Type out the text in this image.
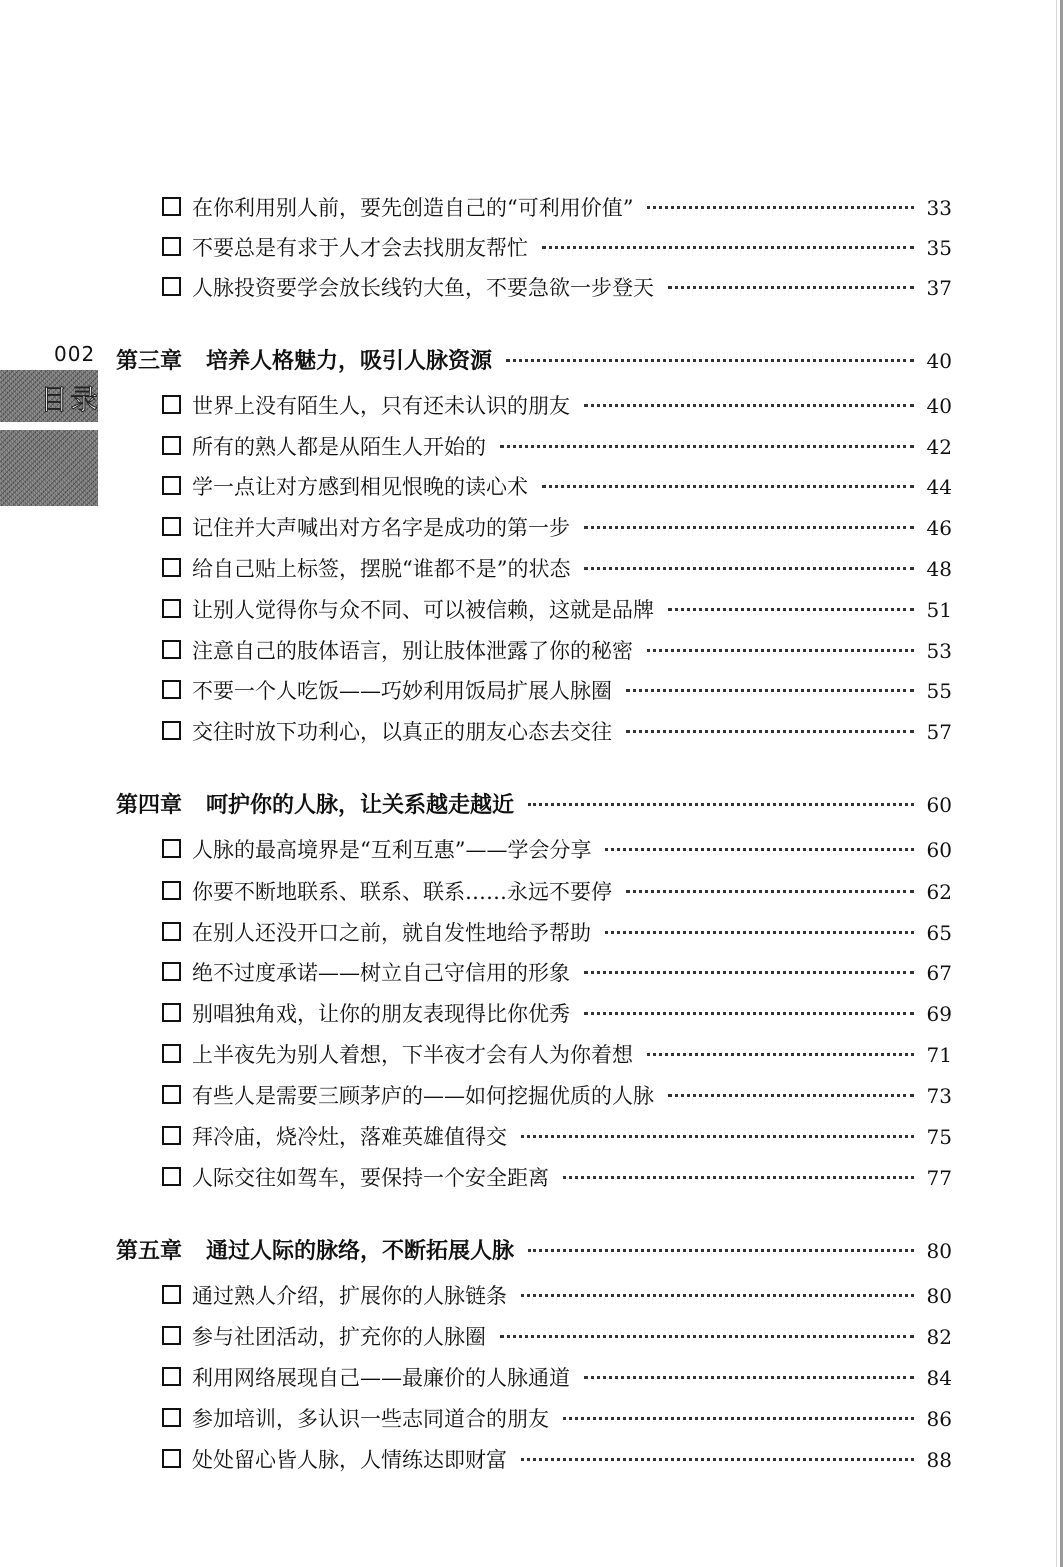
002
目录
在你利用别人前，要先创造自己的“可利用价值”	33
不要总是有求于人才会去找朋友帮忙	35
人脉投资要学会放长线钓大鱼，不要急欲一步登天	37
第三章 培养人格魅力，吸引人脉资源	40
世界上没有陌生人，只有还未认识的朋友	40
所有的熟人都是从陌生人开始的	42
学一点让对方感到相见恨晚的读心术	44
记住并大声喊出对方名字是成功的第一步	46
给自己贴上标签，摆脱“谁都不是”的状态	48
让别人觉得你与众不同、可以被信赖，这就是品牌	51
注意自己的肢体语言，别让肢体泄露了你的秘密	53
不要一个人吃饭——巧妙利用饭局扩展人脉圈	55
交往时放下功利心，以真正的朋友心态去交往	57
第四章 呵护你的人脉，让关系越走越近	60
人脉的最高境界是“互利互惠”——学会分享	60
你要不断地联系、联系、联系……永远不要停	62
在别人还没开口之前，就自发性地给予帮助	65
绝不过度承诺——树立自己守信用的形象	67
别唱独角戏，让你的朋友表现得比你优秀	69
上半夜先为别人着想，下半夜才会有人为你着想	71
有些人是需要三顾茅庐的——如何挖掘优质的人脉	73
拜冷庙，烧冷灶，落难英雄值得交	75
人际交往如驾车，要保持一个安全距离	77
第五章 通过人际的脉络，不断拓展人脉	80
通过熟人介绍，扩展你的人脉链条	80
参与社团活动，扩充你的人脉圈	82
利用网络展现自己——最廉价的人脉通道	84
参加培训，多认识一些志同道合的朋友	86
处处留心皆人脉，人情练达即财富	88
